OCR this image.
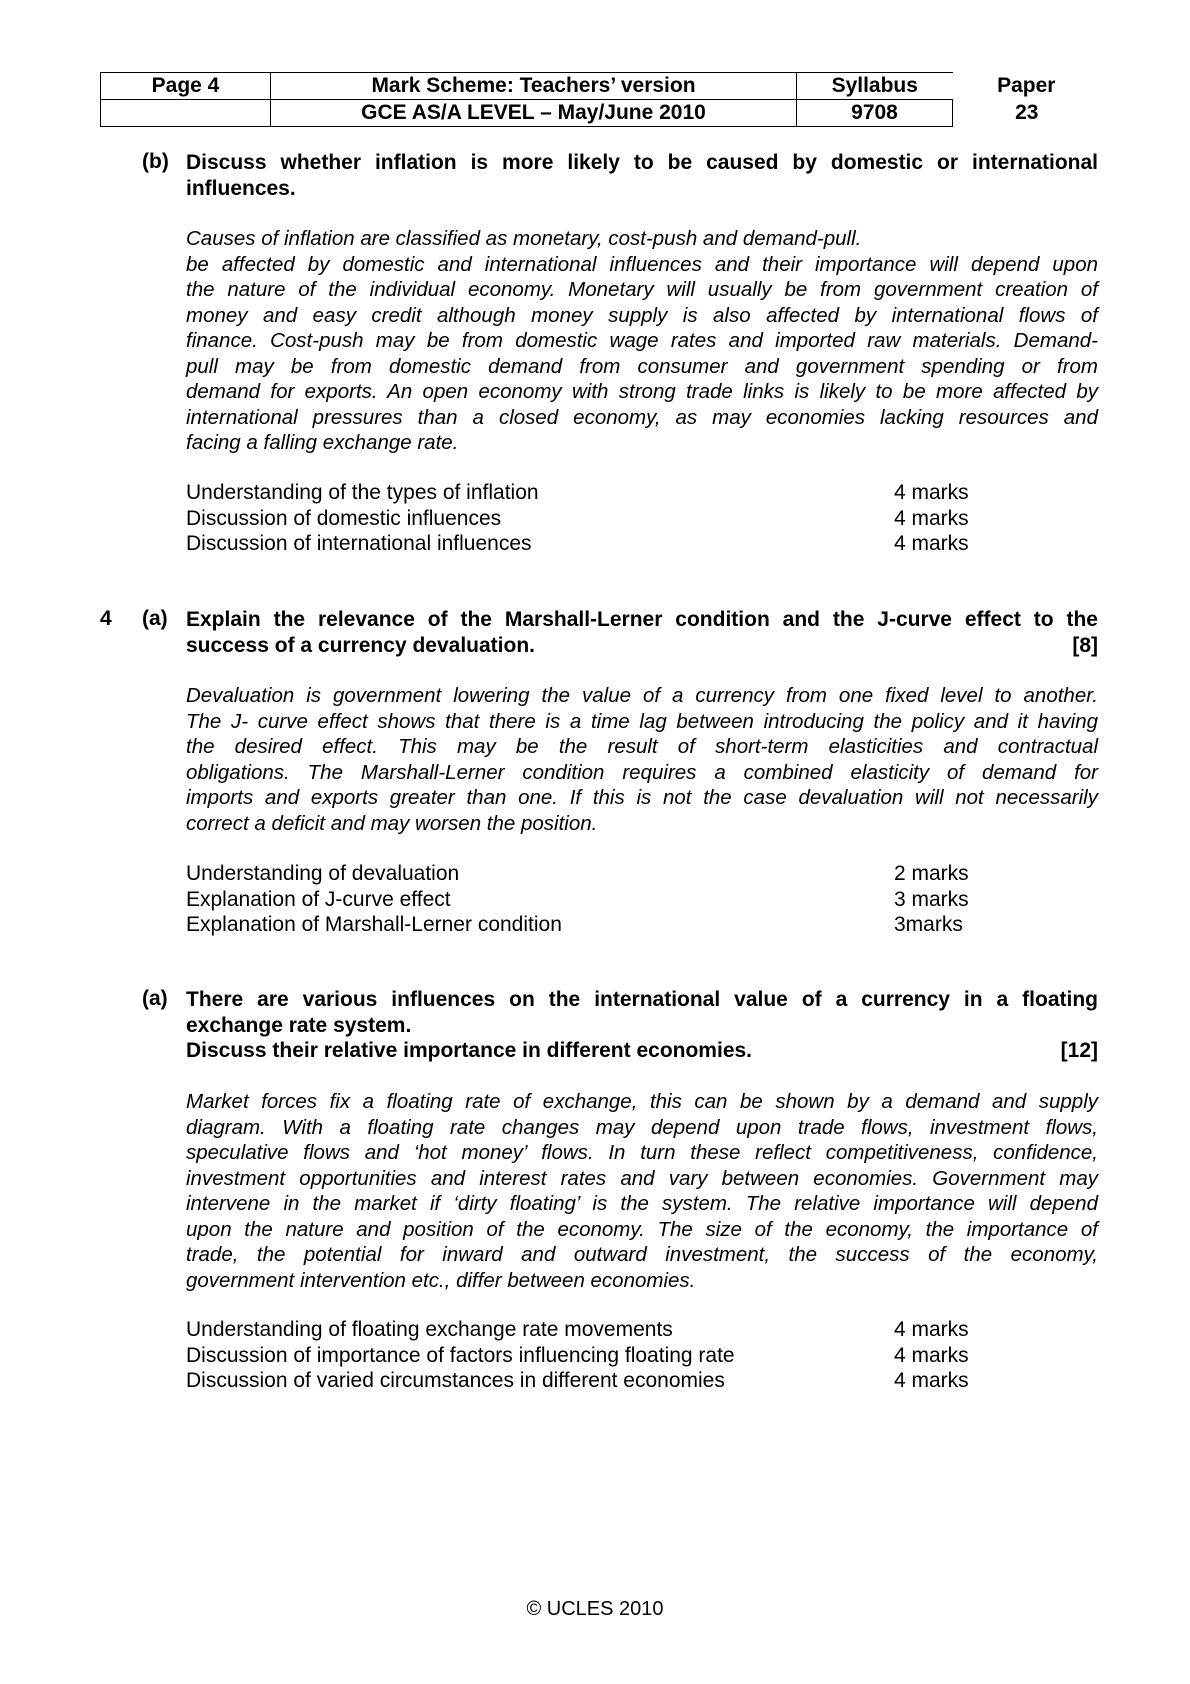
Page 4	Mark Scheme: Teachers’ version	Syllabus	Paper
	GCE AS/A LEVEL – May/June 2010	9708	23
(b) Discuss whether inflation is more likely to be caused by domestic or international
influences.
Causes of inflation are classified as monetary, cost-push and demand-pull.
be affected by domestic and international influences and their importance will depend upon
the nature of the individual economy. Monetary will usually be from government creation of
money and easy credit although money supply is also affected by international flows of
finance. Cost-push may be from domestic wage rates and imported raw materials. Demand-
pull may be from domestic demand from consumer and government spending or from
demand for exports. An open economy with strong trade links is likely to be more affected by
international pressures than a closed economy, as may economies lacking resources and
facing a falling exchange rate.
Understanding of the types of inflation	4 marks
Discussion of domestic influences	4 marks
Discussion of international influences	4 marks
4 (a) Explain the relevance of the Marshall-Lerner condition and the J-curve effect to the
success of a currency devaluation.	[8]
Devaluation is government lowering the value of a currency from one fixed level to another.
The J- curve effect shows that there is a time lag between introducing the policy and it having
the desired effect. This may be the result of short-term elasticities and contractual
obligations. The Marshall-Lerner condition requires a combined elasticity of demand for
imports and exports greater than one. If this is not the case devaluation will not necessarily
correct a deficit and may worsen the position.
Understanding of devaluation	2 marks
Explanation of J-curve effect	3 marks
Explanation of Marshall-Lerner condition	3marks
(a) There are various influences on the international value of a currency in a floating
exchange rate system.
Discuss their relative importance in different economies.	[12]
Market forces fix a floating rate of exchange, this can be shown by a demand and supply
diagram. With a floating rate changes may depend upon trade flows, investment flows,
speculative flows and ‘hot money’ flows. In turn these reflect competitiveness, confidence,
investment opportunities and interest rates and vary between economies. Government may
intervene in the market if ‘dirty floating’ is the system. The relative importance will depend
upon the nature and position of the economy. The size of the economy, the importance of
trade, the potential for inward and outward investment, the success of the economy,
government intervention etc., differ between economies.
Understanding of floating exchange rate movements	4 marks
Discussion of importance of factors influencing floating rate	4 marks
Discussion of varied circumstances in different economies	4 marks
© UCLES 2010
